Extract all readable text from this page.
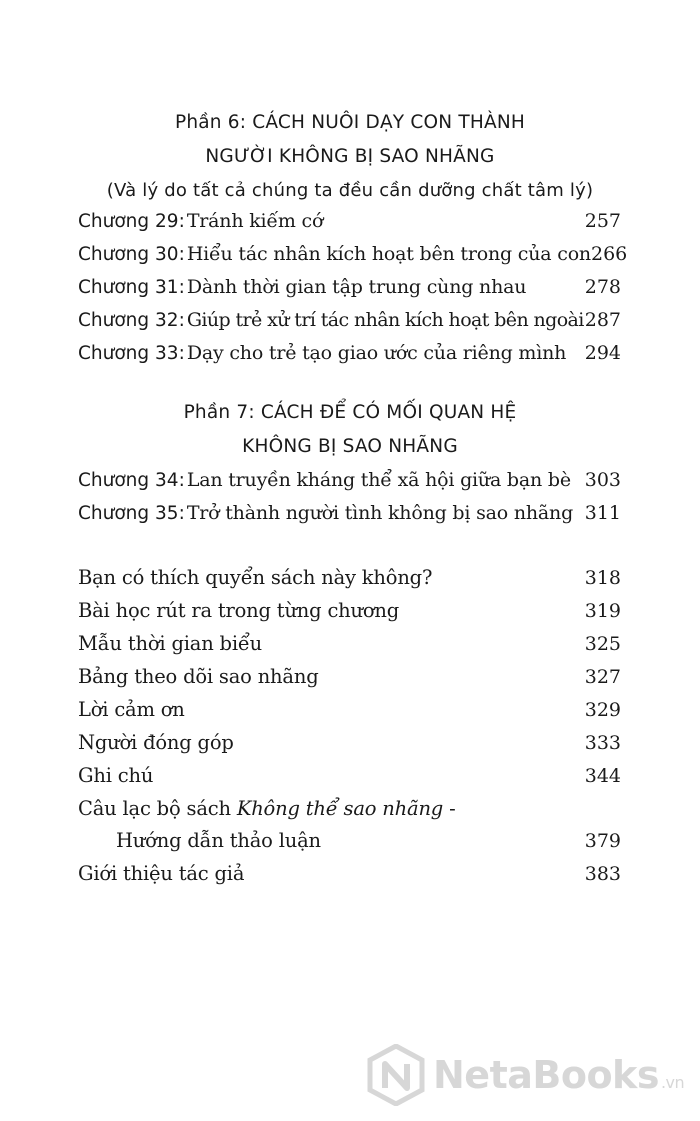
Phần 6: CÁCH NUÔI DẠY CON THÀNH
NGƯỜI KHÔNG BỊ SAO NHÃNG
(Và lý do tất cả chúng ta đều cần dưỡng chất tâm lý)
Chương 29: Tránh kiếm cớ	257
Chương 30: Hiểu tác nhân kích hoạt bên trong của con 266
Chương 31: Dành thời gian tập trung cùng nhau	278
Chương 32: Giúp trẻ xử trí tác nhân kích hoạt bên ngoài 287
Chương 33: Dạy cho trẻ tạo giao ước của riêng mình 294
Phần 7: CÁCH ĐỂ CÓ MỐI QUAN HỆ
KHÔNG BỊ SAO NHÃNG
Chương 34: Lan truyền kháng thể xã hội giữa bạn bè 303
Chương 35: Trở thành người tình không bị sao nhãng 311
Bạn có thích quyển sách này không?	318
Bài học rút ra trong từng chương	319
Mẫu thời gian biểu	325
Bảng theo dõi sao nhãng	327
Lời cảm ơn	329
Người đóng góp	333
Ghi chú	344
Câu lạc bộ sách Không thể sao nhãng -
Hướng dẫn thảo luận	379
Giới thiệu tác giả	383
NetaBooks .vn
